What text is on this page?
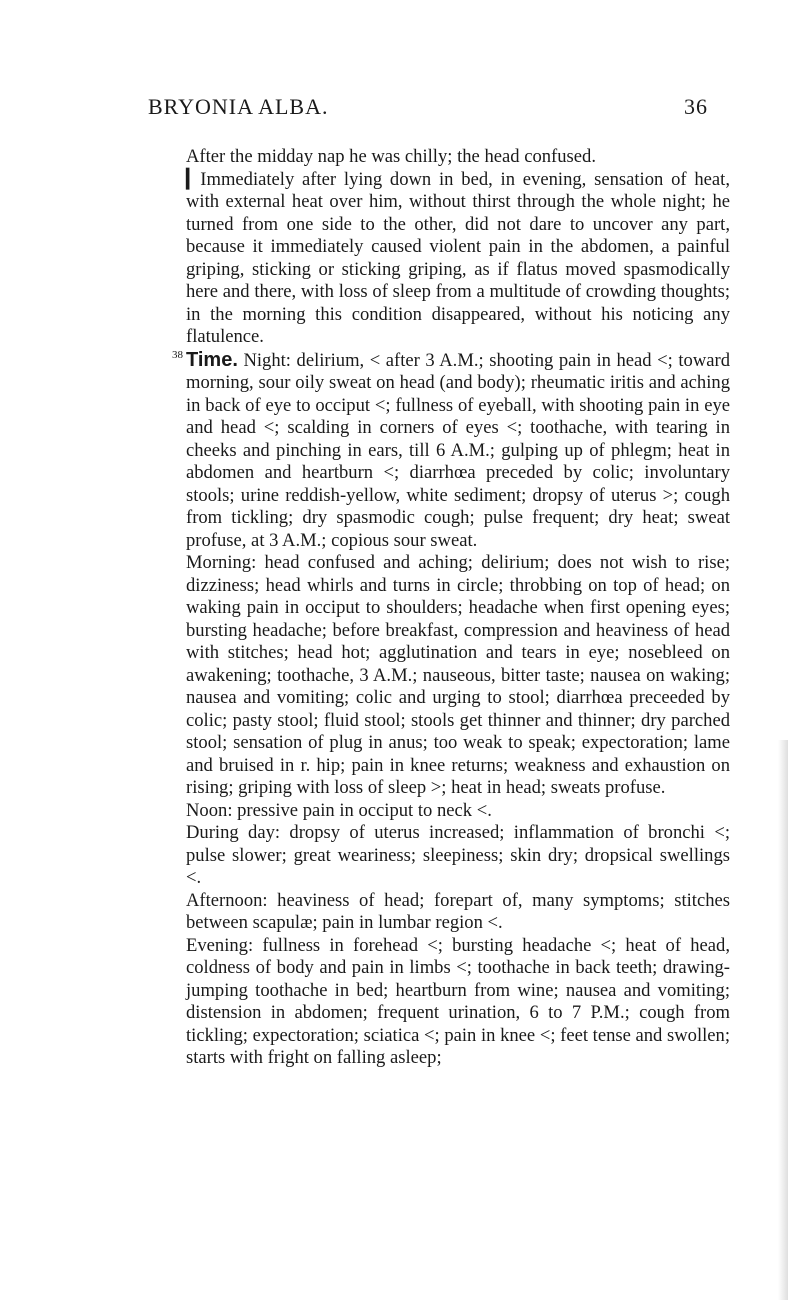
BRYONIA ALBA.	36

After the midday nap he was chilly; the head confused.

▎Immediately after lying down in bed, in evening, sensation of heat, with external heat over him, without thirst through the whole night; he turned from one side to the other, did not dare to uncover any part, because it immediately caused violent pain in the abdomen, a painful griping, sticking or sticking griping, as if flatus moved spasmodically here and there, with loss of sleep from a multitude of crowding thoughts; in the morning this condition disappeared, without his noticing any flatulence.

38 Time. Night: delirium, < after 3 A.M.; shooting pain in head <; toward morning, sour oily sweat on head (and body); rheumatic iritis and aching in back of eye to occiput <; fullness of eyeball, with shooting pain in eye and head <; scalding in corners of eyes <; toothache, with tearing in cheeks and pinching in ears, till 6 A.M.; gulping up of phlegm; heat in abdomen and heartburn <; diarrhœa preceded by colic; involuntary stools; urine reddish-yellow, white sediment; dropsy of uterus >; cough from tickling; dry spasmodic cough; pulse frequent; dry heat; sweat profuse, at 3 A.M.; copious sour sweat.

Morning: head confused and aching; delirium; does not wish to rise; dizziness; head whirls and turns in circle; throbbing on top of head; on waking pain in occiput to shoulders; headache when first opening eyes; bursting headache; before breakfast, compression and heaviness of head with stitches; head hot; agglutination and tears in eye; nosebleed on awakening; toothache, 3 A.M.; nauseous, bitter taste; nausea on waking; nausea and vomiting; colic and urging to stool; diarrhœa preceeded by colic; pasty stool; fluid stool; stools get thinner and thinner; dry parched stool; sensation of plug in anus; too weak to speak; expectoration; lame and bruised in r. hip; pain in knee returns; weakness and exhaustion on rising; griping with loss of sleep >; heat in head; sweats profuse.

Noon: pressive pain in occiput to neck <.

During day: dropsy of uterus increased; inflammation of bronchi <; pulse slower; great weariness; sleepiness; skin dry; dropsical swellings <.

Afternoon: heaviness of head; forepart of, many symptoms; stitches between scapulæ; pain in lumbar region <.

Evening: fullness in forehead <; bursting headache <; heat of head, coldness of body and pain in limbs <; toothache in back teeth; drawing-jumping toothache in bed; heartburn from wine; nausea and vomiting; distension in abdomen; frequent urination, 6 to 7 P.M.; cough from tickling; expectoration; sciatica <; pain in knee <; feet tense and swollen; starts with fright on falling asleep;
